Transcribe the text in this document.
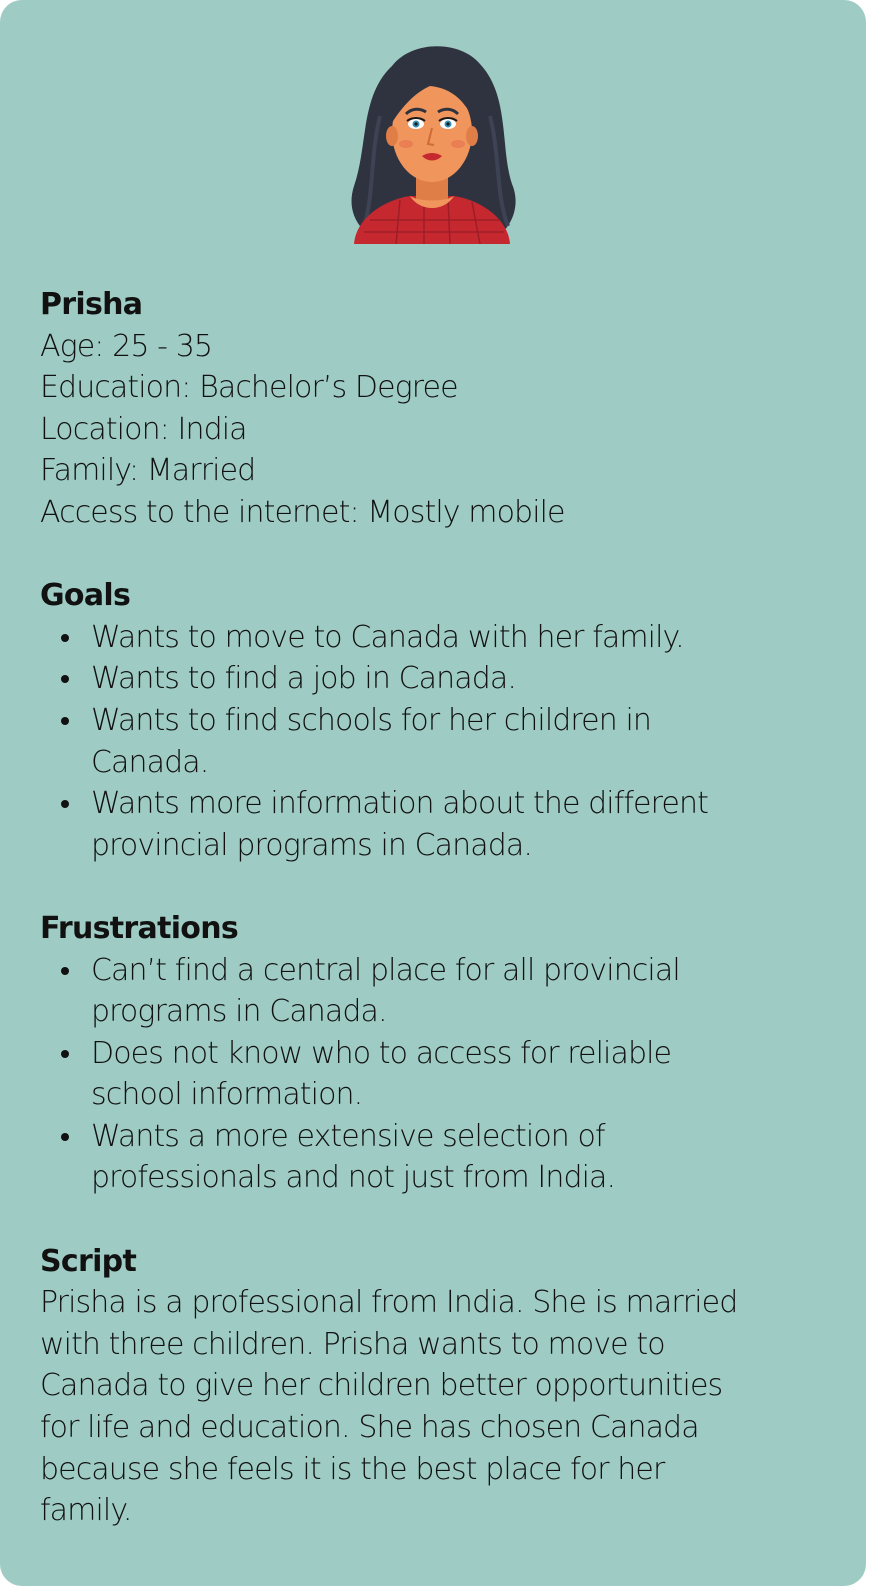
Prisha
Age: 25 - 35
Education: Bachelor’s Degree
Location: India
Family: Married
Access to the internet: Mostly mobile
Goals
Wants to move to Canada with her family.
Wants to find a job in Canada.
Wants to find schools for her children in
Canada.
Wants more information about the different
provincial programs in Canada.
Frustrations
Can’t find a central place for all provincial
programs in Canada.
Does not know who to access for reliable
school information.
Wants a more extensive selection of
professionals and not just from India.
Script
Prisha is a professional from India. She is married
with three children. Prisha wants to move to
Canada to give her children better opportunities
for life and education. She has chosen Canada
because she feels it is the best place for her
family.
